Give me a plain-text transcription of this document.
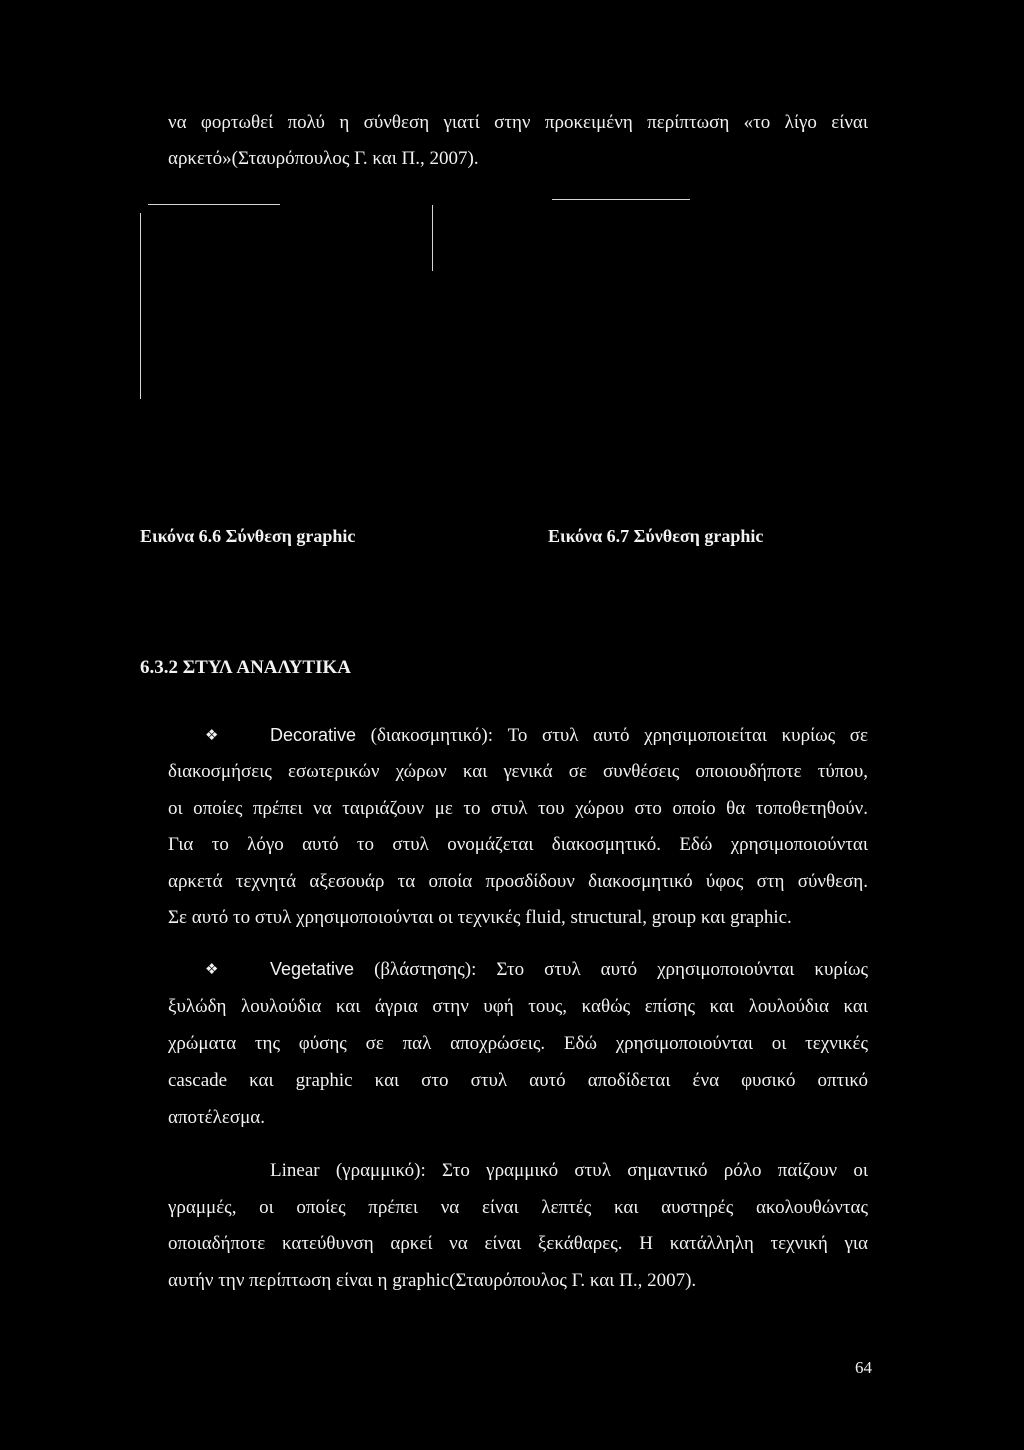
να φορτωθεί πολύ η σύνθεση γιατί στην προκειμένη περίπτωση «το λίγο είναι
αρκετό»(Σταυρόπουλος Γ. και Π., 2007).
Εικόνα 6.6 Σύνθεση graphic	Εικόνα 6.7 Σύνθεση graphic
6.3.2 ΣΤΥΛ ΑΝΑΛΥΤΙΚΑ
❖	Decorative (διακοσμητικό): Το στυλ αυτό χρησιμοποιείται κυρίως σε
διακοσμήσεις εσωτερικών χώρων και γενικά σε συνθέσεις οποιουδήποτε τύπου,
οι οποίες πρέπει να ταιριάζουν με το στυλ του χώρου στο οποίο θα τοποθετηθούν.
Για το λόγο αυτό το στυλ ονομάζεται διακοσμητικό. Εδώ χρησιμοποιούνται
αρκετά τεχνητά αξεσουάρ τα οποία προσδίδουν διακοσμητικό ύφος στη σύνθεση.
Σε αυτό το στυλ χρησιμοποιούνται οι τεχνικές fluid, structural, group και graphic.
❖	Vegetative (βλάστησης): Στο στυλ αυτό χρησιμοποιούνται κυρίως
ξυλώδη λουλούδια και άγρια στην υφή τους, καθώς επίσης και λουλούδια και
χρώματα της φύσης σε παλ αποχρώσεις. Εδώ χρησιμοποιούνται οι τεχνικές
cascade και graphic και στο στυλ αυτό αποδίδεται ένα φυσικό οπτικό
αποτέλεσμα.
Linear (γραμμικό): Στο γραμμικό στυλ σημαντικό ρόλο παίζουν οι
γραμμές, οι οποίες πρέπει να είναι λεπτές και αυστηρές ακολουθώντας
οποιαδήποτε κατεύθυνση αρκεί να είναι ξεκάθαρες. Η κατάλληλη τεχνική για
αυτήν την περίπτωση είναι η graphic(Σταυρόπουλος Γ. και Π., 2007).
64
